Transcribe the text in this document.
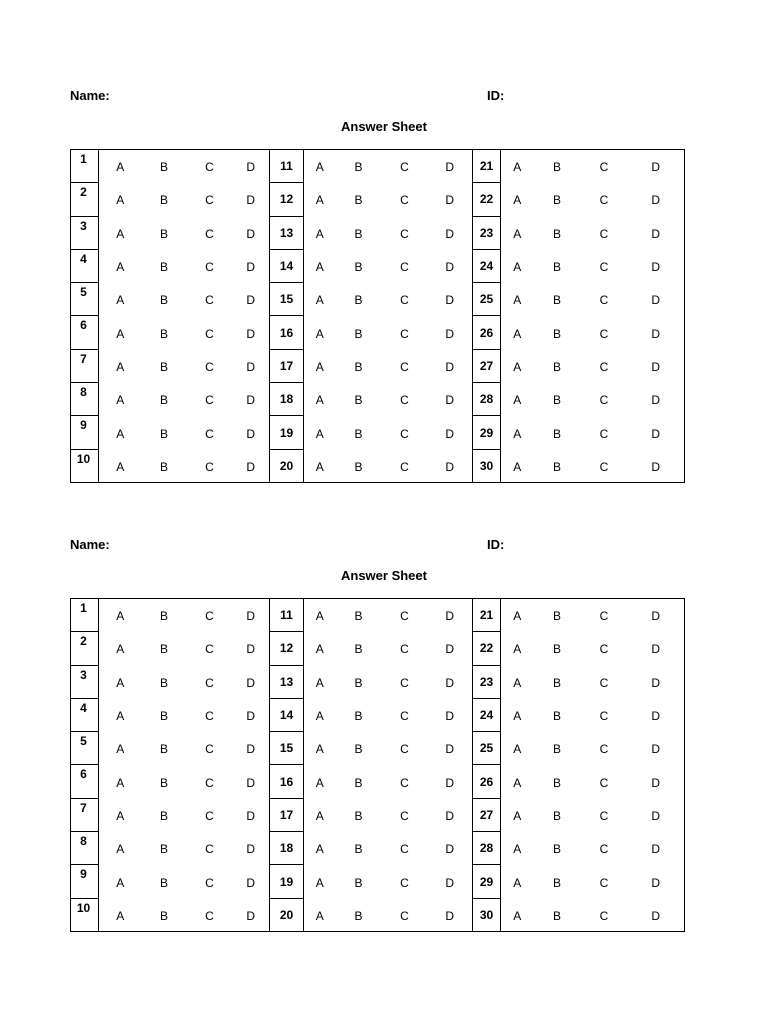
Name:	ID:
Answer Sheet
1	A	B	C	D	11	A	B	C	D	21	A	B	C	D
2	A	B	C	D	12	A	B	C	D	22	A	B	C	D
3	A	B	C	D	13	A	B	C	D	23	A	B	C	D
4	A	B	C	D	14	A	B	C	D	24	A	B	C	D
5	A	B	C	D	15	A	B	C	D	25	A	B	C	D
6	A	B	C	D	16	A	B	C	D	26	A	B	C	D
7	A	B	C	D	17	A	B	C	D	27	A	B	C	D
8	A	B	C	D	18	A	B	C	D	28	A	B	C	D
9	A	B	C	D	19	A	B	C	D	29	A	B	C	D
10	A	B	C	D	20	A	B	C	D	30	A	B	C	D
Name:	ID:
Answer Sheet
1	A	B	C	D	11	A	B	C	D	21	A	B	C	D
2	A	B	C	D	12	A	B	C	D	22	A	B	C	D
3	A	B	C	D	13	A	B	C	D	23	A	B	C	D
4	A	B	C	D	14	A	B	C	D	24	A	B	C	D
5	A	B	C	D	15	A	B	C	D	25	A	B	C	D
6	A	B	C	D	16	A	B	C	D	26	A	B	C	D
7	A	B	C	D	17	A	B	C	D	27	A	B	C	D
8	A	B	C	D	18	A	B	C	D	28	A	B	C	D
9	A	B	C	D	19	A	B	C	D	29	A	B	C	D
10	A	B	C	D	20	A	B	C	D	30	A	B	C	D
